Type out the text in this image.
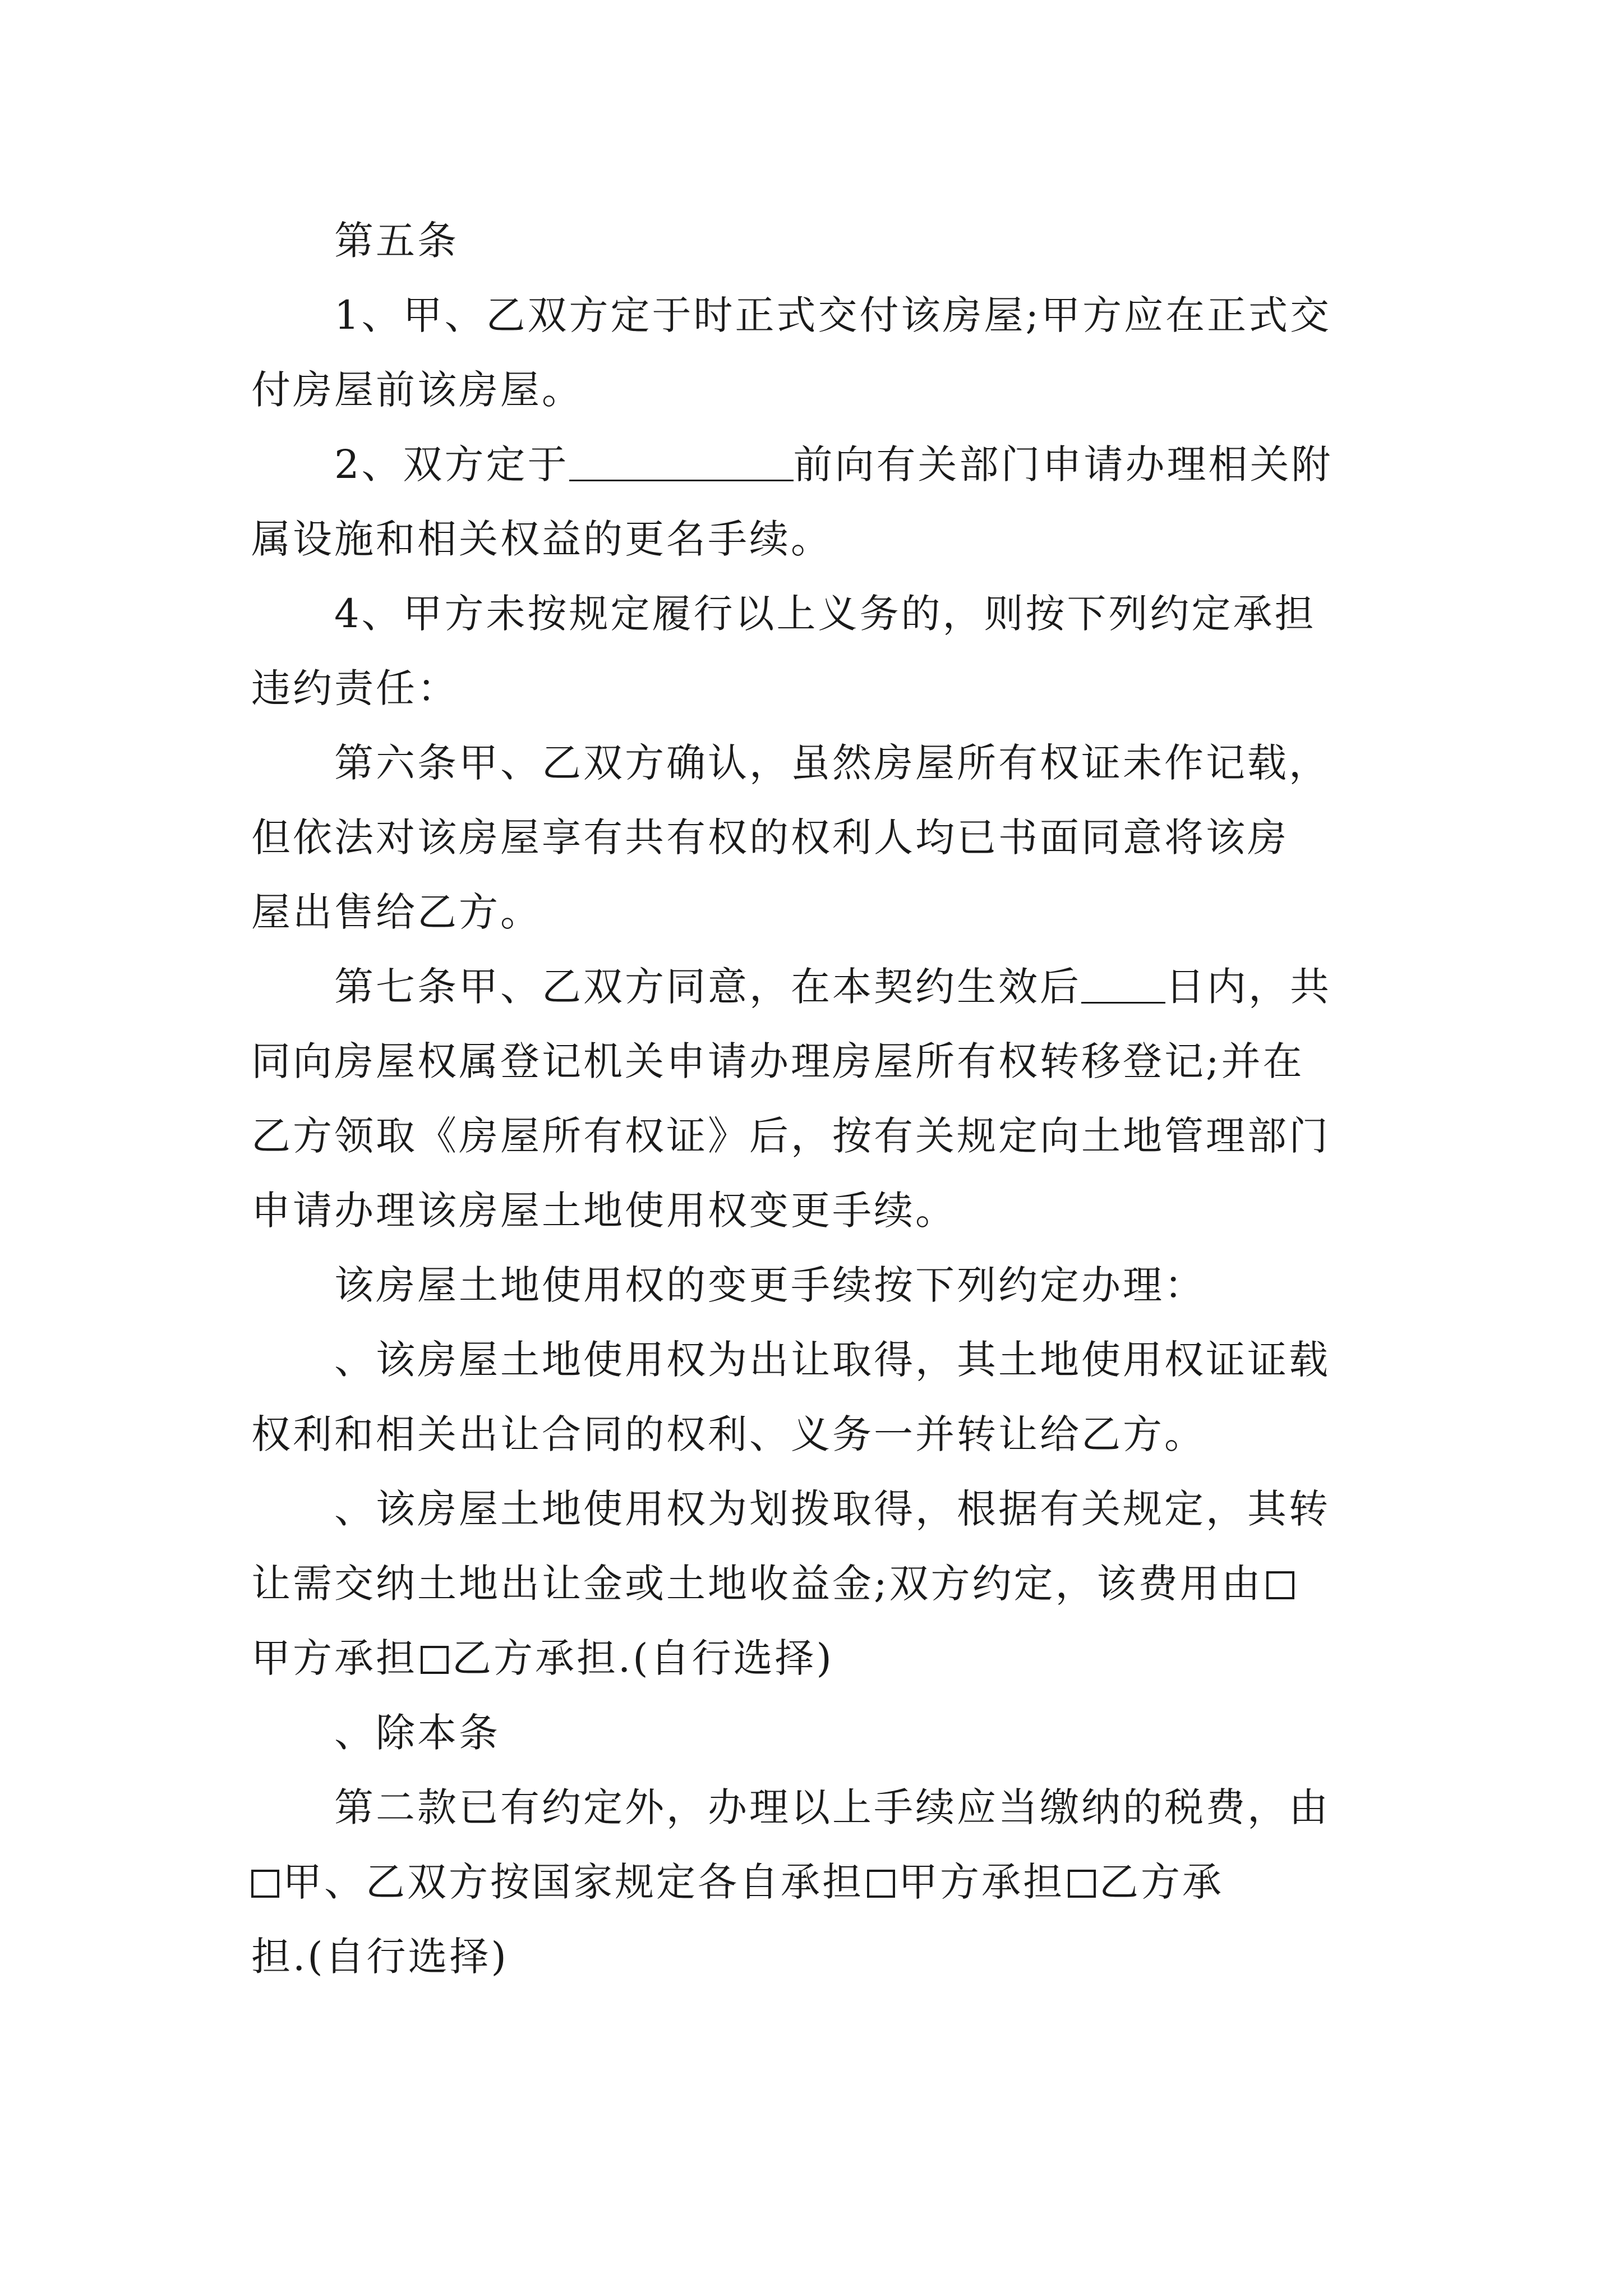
第五条
1、甲、乙双方定于时正式交付该房屋;甲方应在正式交
付房屋前该房屋。
2、双方定于	前向有关部门申请办理相关附
属设施和相关权益的更名手续。
4、甲方未按规定履行以上义务的，则按下列约定承担
违约责任：
第六条甲、乙双方确认，虽然房屋所有权证未作记载，
但依法对该房屋享有共有权的权利人均已书面同意将该房
屋出售给乙方。
第七条甲、乙双方同意，在本契约生效后 日内，共
同向房屋权属登记机关申请办理房屋所有权转移登记;并在
乙方领取《房屋所有权证》后，按有关规定向土地管理部门
申请办理该房屋土地使用权变更手续。
该房屋土地使用权的变更手续按下列约定办理：
、该房屋土地使用权为出让取得，其土地使用权证证载
权利和相关出让合同的权利、义务一并转让给乙方。
、该房屋土地使用权为划拨取得，根据有关规定，其转
让需交纳土地出让金或土地收益金;双方约定，该费用由
甲方承担 乙方承担.(自行选择)
、除本条
第二款已有约定外，办理以上手续应当缴纳的税费，由
甲、乙双方按国家规定各自承担 甲方承担 乙方承
担.(自行选择)
